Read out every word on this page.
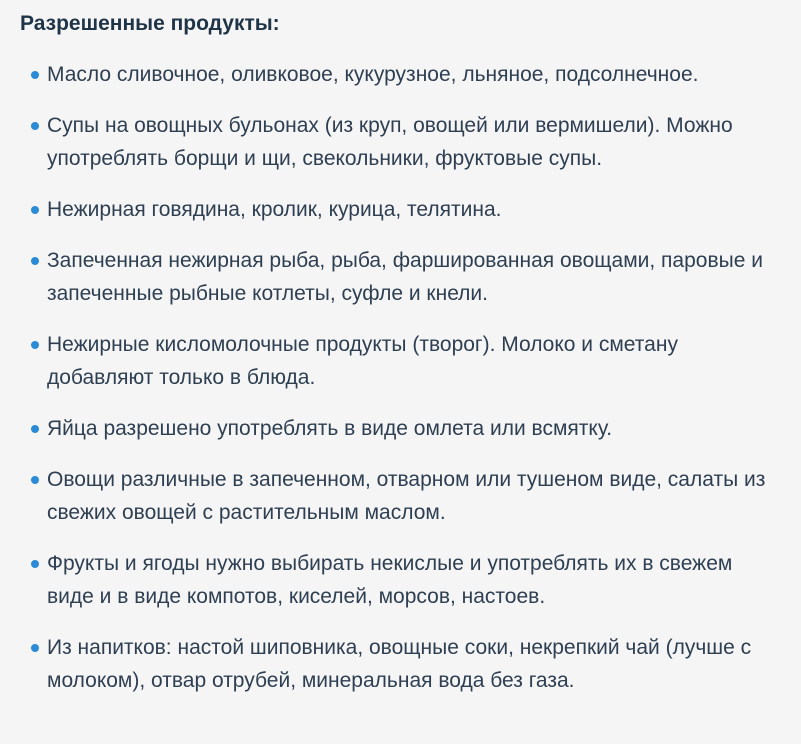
Разрешенные продукты:
Масло сливочное, оливковое, кукурузное, льняное, подсолнечное.
Супы на овощных бульонах (из круп, овощей или вермишели). Можно употреблять борщи и щи, свекольники, фруктовые супы.
Нежирная говядина, кролик, курица, телятина.
Запеченная нежирная рыба, рыба, фаршированная овощами, паровые и запеченные рыбные котлеты, суфле и кнели.
Нежирные кисломолочные продукты (творог). Молоко и сметану добавляют только в блюда.
Яйца разрешено употреблять в виде омлета или всмятку.
Овощи различные в запеченном, отварном или тушеном виде, салаты из свежих овощей с растительным маслом.
Фрукты и ягоды нужно выбирать некислые и употреблять их в свежем виде и в виде компотов, киселей, морсов, настоев.
Из напитков: настой шиповника, овощные соки, некрепкий чай (лучше с молоком), отвар отрубей, минеральная вода без газа.
